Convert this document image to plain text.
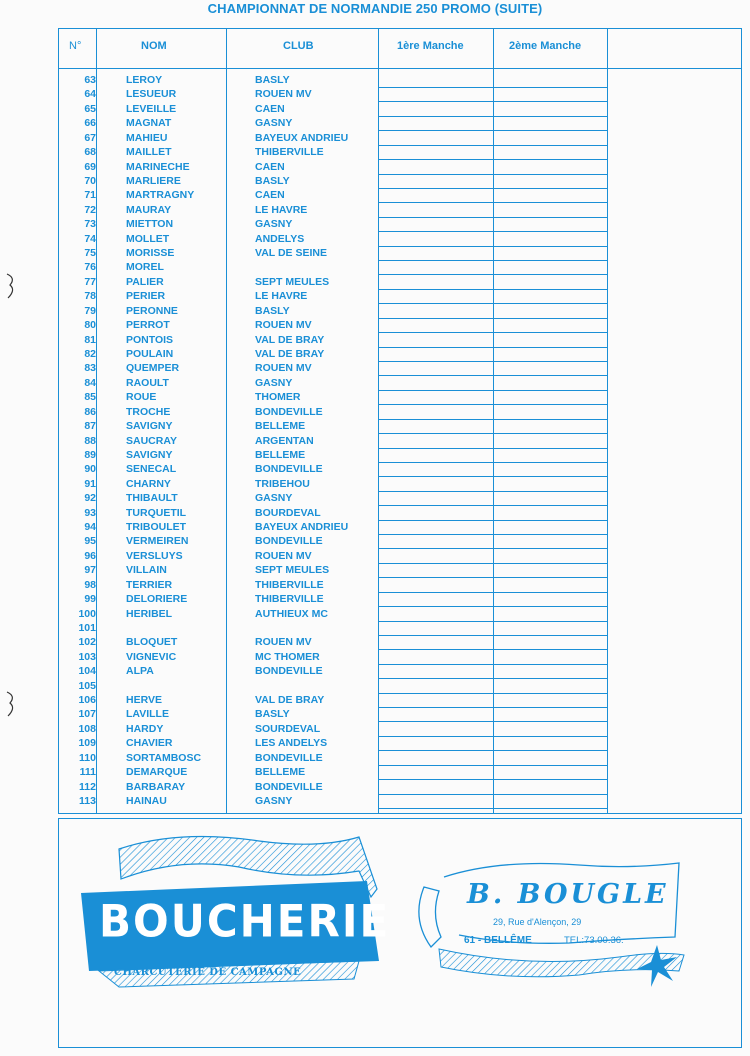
CHAMPIONNAT DE NORMANDIE 250 PROMO (SUITE)
N°	NOM	CLUB	1ère Manche	2ème Manche
63	LEROY	BASLY
64	LESUEUR	ROUEN MV
65	LEVEILLE	CAEN
66	MAGNAT	GASNY
67	MAHIEU	BAYEUX ANDRIEU
68	MAILLET	THIBERVILLE
69	MARINECHE	CAEN
70	MARLIERE	BASLY
71	MARTRAGNY	CAEN
72	MAURAY	LE HAVRE
73	MIETTON	GASNY
74	MOLLET	ANDELYS
75	MORISSE	VAL DE SEINE
76	MOREL
77	PALIER	SEPT MEULES
78	PERIER	LE HAVRE
79	PERONNE	BASLY
80	PERROT	ROUEN MV
81	PONTOIS	VAL DE BRAY
82	POULAIN	VAL DE BRAY
83	QUEMPER	ROUEN MV
84	RAOULT	GASNY
85	ROUE	THOMER
86	TROCHE	BONDEVILLE
87	SAVIGNY	BELLEME
88	SAUCRAY	ARGENTAN
89	SAVIGNY	BELLEME
90	SENECAL	BONDEVILLE
91	CHARNY	TRIBEHOU
92	THIBAULT	GASNY
93	TURQUETIL	BOURDEVAL
94	TRIBOULET	BAYEUX ANDRIEU
95	VERMEIREN	BONDEVILLE
96	VERSLUYS	ROUEN MV
97	VILLAIN	SEPT MEULES
98	TERRIER	THIBERVILLE
99	DELORIERE	THIBERVILLE
100	HERIBEL	AUTHIEUX MC
101
102	BLOQUET	ROUEN MV
103	VIGNEVIC	MC THOMER
104	ALPA	BONDEVILLE
105
106	HERVE	VAL DE BRAY
107	LAVILLE	BASLY
108	HARDY	SOURDEVAL
109	CHAVIER	LES ANDELYS
110	SORTAMBOSC	BONDEVILLE
111	DEMARQUE	BELLEME
112	BARBARAY	BONDEVILLE
113	HAINAU	GASNY
BOUCHERIE
CHARCUTERIE DE CAMPAGNE
B. BOUGLE
29, Rue d'Alençon, 29
61 - BELLÊME	TEL:73.00.36.
